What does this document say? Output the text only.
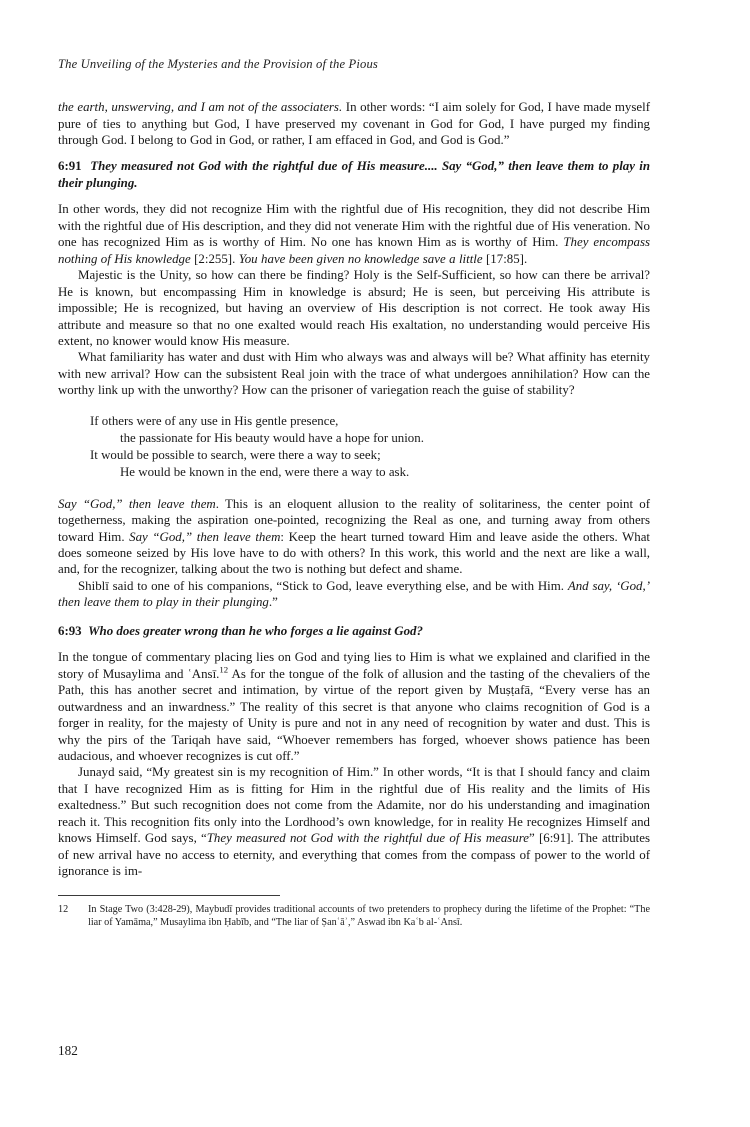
The Unveiling of the Mysteries and the Provision of the Pious

the earth, unswerving, and I am not of the associaters. In other words: “I aim solely for God, I have made myself pure of ties to anything but God, I have preserved my covenant in God for God, I have purged my finding through God. I belong to God in God, or rather, I am effaced in God, and God is God.”

6:91 They measured not God with the rightful due of His measure.... Say “God,” then leave them to play in their plunging.

In other words, they did not recognize Him with the rightful due of His recognition, they did not describe Him with the rightful due of His description, and they did not venerate Him with the rightful due of His veneration. No one has recognized Him as is worthy of Him. No one has known Him as is worthy of Him. They encompass nothing of His knowledge [2:255]. You have been given no knowledge save a little [17:85].

Majestic is the Unity, so how can there be finding? Holy is the Self-Sufficient, so how can there be arrival? He is known, but encompassing Him in knowledge is absurd; He is seen, but perceiving His attribute is impossible; He is recognized, but having an overview of His description is not correct. He took away His attribute and measure so that no one exalted would reach His exaltation, no understanding would perceive His extent, no knower would know His measure.

What familiarity has water and dust with Him who always was and always will be? What affinity has eternity with new arrival? How can the subsistent Real join with the trace of what undergoes annihilation? How can the worthy link up with the unworthy? How can the prisoner of variegation reach the guise of stability?

If others were of any use in His gentle presence,
the passionate for His beauty would have a hope for union.
It would be possible to search, were there a way to seek;
He would be known in the end, were there a way to ask.

Say “God,” then leave them. This is an eloquent allusion to the reality of solitariness, the center point of togetherness, making the aspiration one-pointed, recognizing the Real as one, and turning away from others toward Him. Say “God,” then leave them: Keep the heart turned toward Him and leave aside the others. What does someone seized by His love have to do with others? In this work, this world and the next are like a wall, and, for the recognizer, talking about the two is nothing but defect and shame.

Shiblī said to one of his companions, “Stick to God, leave everything else, and be with Him. And say, ‘God,’ then leave them to play in their plunging.”

6:93 Who does greater wrong than he who forges a lie against God?

In the tongue of commentary placing lies on God and tying lies to Him is what we explained and clarified in the story of Musaylima and ʿAnsī.$^{12}$ As for the tongue of the folk of allusion and the tasting of the chevaliers of the Path, this has another secret and intimation, by virtue of the report given by Muṣṭafā, “Every verse has an outwardness and an inwardness.” The reality of this secret is that anyone who claims recognition of God is a forger in reality, for the majesty of Unity is pure and not in any need of recognition by water and dust. This is why the pirs of the Tariqah have said, “Whoever remembers has forged, whoever shows patience has been audacious, and whoever recognizes is cut off.”

Junayd said, “My greatest sin is my recognition of Him.” In other words, “It is that I should fancy and claim that I have recognized Him as is fitting for Him in the rightful due of His reality and the limits of His exaltedness.” But such recognition does not come from the Adamite, nor do his understanding and imagination reach it. This recognition fits only into the Lordhood’s own knowledge, for in reality He recognizes Himself and knows Himself. God says, “They measured not God with the rightful due of His measure” [6:91]. The attributes of new arrival have no access to eternity, and everything that comes from the compass of power to the world of ignorance is im-

12	In Stage Two (3:428-29), Maybudī provides traditional accounts of two pretenders to prophecy during the lifetime of the Prophet: “The liar of Yamāma,” Musaylima ibn Ḥabīb, and “The liar of Ṣanʿāʾ,” Aswad ibn Kaʿb al-ʿAnsī.
182
